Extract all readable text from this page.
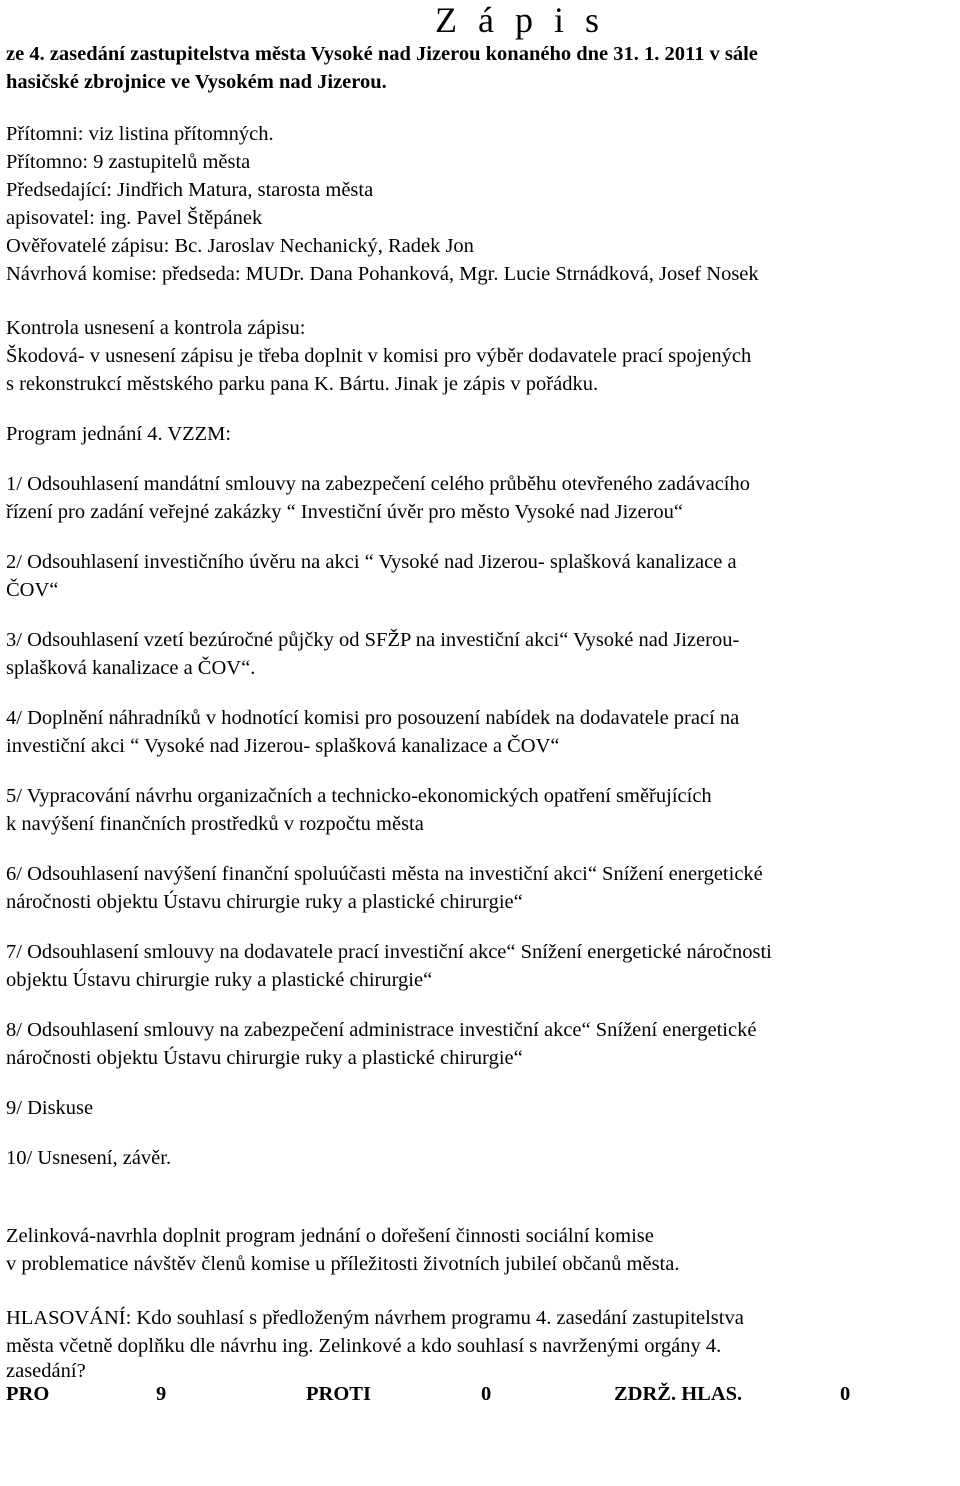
Z á p i s
ze 4. zasedání zastupitelstva města Vysoké nad Jizerou konaného dne 31. 1. 2011 v sále
hasičské zbrojnice ve Vysokém nad Jizerou.
Přítomni: viz listina přítomných.
Přítomno: 9 zastupitelů města
Předsedající: Jindřich Matura, starosta města
apisovatel: ing. Pavel Štěpánek
Ověřovatelé zápisu: Bc. Jaroslav Nechanický, Radek Jon
Návrhová komise: předseda: MUDr. Dana Pohanková, Mgr. Lucie Strnádková, Josef Nosek
Kontrola usnesení a kontrola zápisu:
Škodová- v usnesení zápisu je třeba doplnit v komisi pro výběr dodavatele prací spojených
s rekonstrukcí městského parku pana K. Bártu. Jinak je zápis v pořádku.
Program jednání 4. VZZM:
1/ Odsouhlasení mandátní smlouvy na zabezpečení celého průběhu otevřeného zadávacího
řízení pro zadání veřejné zakázky “ Investiční úvěr pro město Vysoké nad Jizerou“
2/ Odsouhlasení investičního úvěru na akci “ Vysoké nad Jizerou- splašková kanalizace a
ČOV“
3/ Odsouhlasení vzetí bezúročné půjčky od SFŽP na investiční akci“ Vysoké nad Jizerou-
splašková kanalizace a ČOV“.
4/ Doplnění náhradníků v hodnotící komisi pro posouzení nabídek na dodavatele prací na
investiční akci “ Vysoké nad Jizerou- splašková kanalizace a ČOV“
5/ Vypracování návrhu organizačních a technicko-ekonomických opatření směřujících
k navýšení finančních prostředků v rozpočtu města
6/ Odsouhlasení navýšení finanční spoluúčasti města na investiční akci“ Snížení energetické
náročnosti objektu Ústavu chirurgie ruky a plastické chirurgie“
7/ Odsouhlasení smlouvy na dodavatele prací investiční akce“ Snížení energetické náročnosti
objektu Ústavu chirurgie ruky a plastické chirurgie“
8/ Odsouhlasení smlouvy na zabezpečení administrace investiční akce“ Snížení energetické
náročnosti objektu Ústavu chirurgie ruky a plastické chirurgie“
9/ Diskuse
10/ Usnesení, závěr.
Zelinková-navrhla doplnit program jednání o dořešení činnosti sociální komise
v problematice návštěv členů komise u příležitosti životních jubileí občanů města.
HLASOVÁNÍ: Kdo souhlasí s předloženým návrhem programu 4. zasedání zastupitelstva
města včetně doplňku dle návrhu ing. Zelinkové a kdo souhlasí s navrženými orgány 4.
zasedání?
PRO	9	PROTI	0	ZDRŽ. HLAS.	0
